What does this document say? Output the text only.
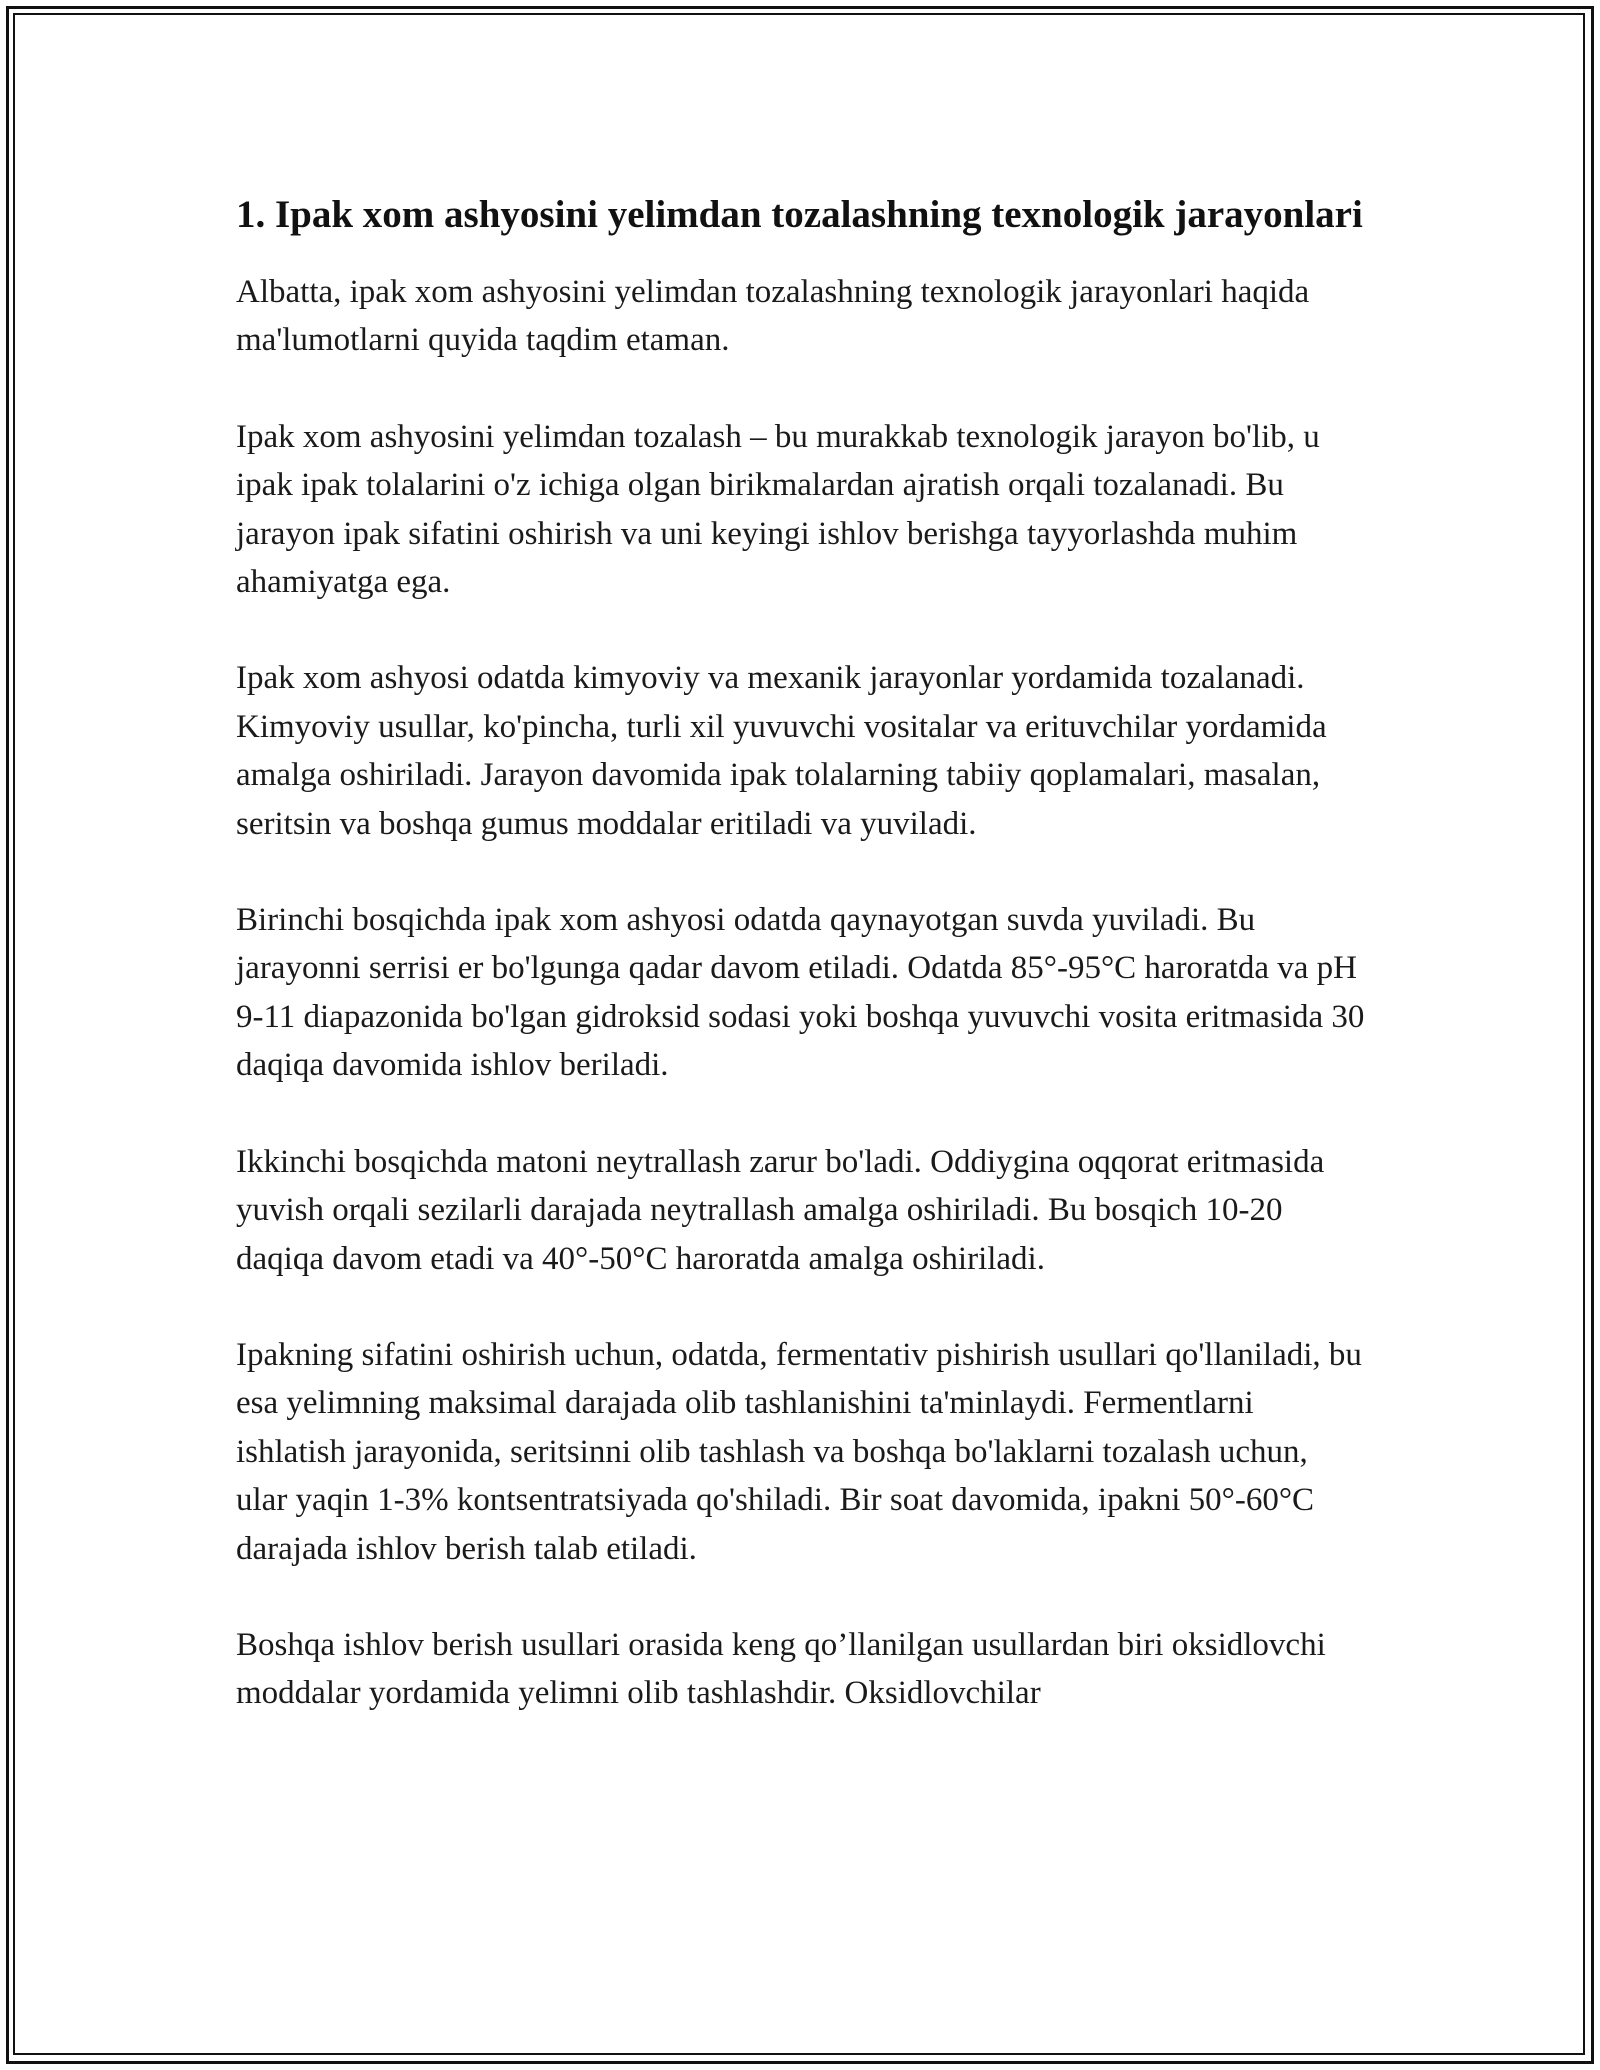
1. Ipak xom ashyosini yelimdan tozalashning texnologik jarayonlari

Albatta, ipak xom ashyosini yelimdan tozalashning texnologik jarayonlari haqida ma'lumotlarni quyida taqdim etaman.

Ipak xom ashyosini yelimdan tozalash – bu murakkab texnologik jarayon bo'lib, u ipak ipak tolalarini o'z ichiga olgan birikmalardan ajratish orqali tozalanadi. Bu jarayon ipak sifatini oshirish va uni keyingi ishlov berishga tayyorlashda muhim ahamiyatga ega.

Ipak xom ashyosi odatda kimyoviy va mexanik jarayonlar yordamida tozalanadi. Kimyoviy usullar, ko'pincha, turli xil yuvuvchi vositalar va erituvchilar yordamida amalga oshiriladi. Jarayon davomida ipak tolalarning tabiiy qoplamalari, masalan, seritsin va boshqa gumus moddalar eritiladi va yuviladi.

Birinchi bosqichda ipak xom ashyosi odatda qaynayotgan suvda yuviladi. Bu jarayonni serrisi er bo'lgunga qadar davom etiladi. Odatda 85°-95°C haroratda va pH 9-11 diapazonida bo'lgan gidroksid sodasi yoki boshqa yuvuvchi vosita eritmasida 30 daqiqa davomida ishlov beriladi.

Ikkinchi bosqichda matoni neytrallash zarur bo'ladi. Oddiygina oqqorat eritmasida yuvish orqali sezilarli darajada neytrallash amalga oshiriladi. Bu bosqich 10-20 daqiqa davom etadi va 40°-50°C haroratda amalga oshiriladi.

Ipakning sifatini oshirish uchun, odatda, fermentativ pishirish usullari qo'llaniladi, bu esa yelimning maksimal darajada olib tashlanishini ta'minlaydi. Fermentlarni ishlatish jarayonida, seritsinni olib tashlash va boshqa bo'laklarni tozalash uchun, ular yaqin 1-3% kontsentratsiyada qo'shiladi. Bir soat davomida, ipakni 50°-60°C darajada ishlov berish talab etiladi.

Boshqa ishlov berish usullari orasida keng qo’llanilgan usullardan biri oksidlovchi moddalar yordamida yelimni olib tashlashdir. Oksidlovchilar
